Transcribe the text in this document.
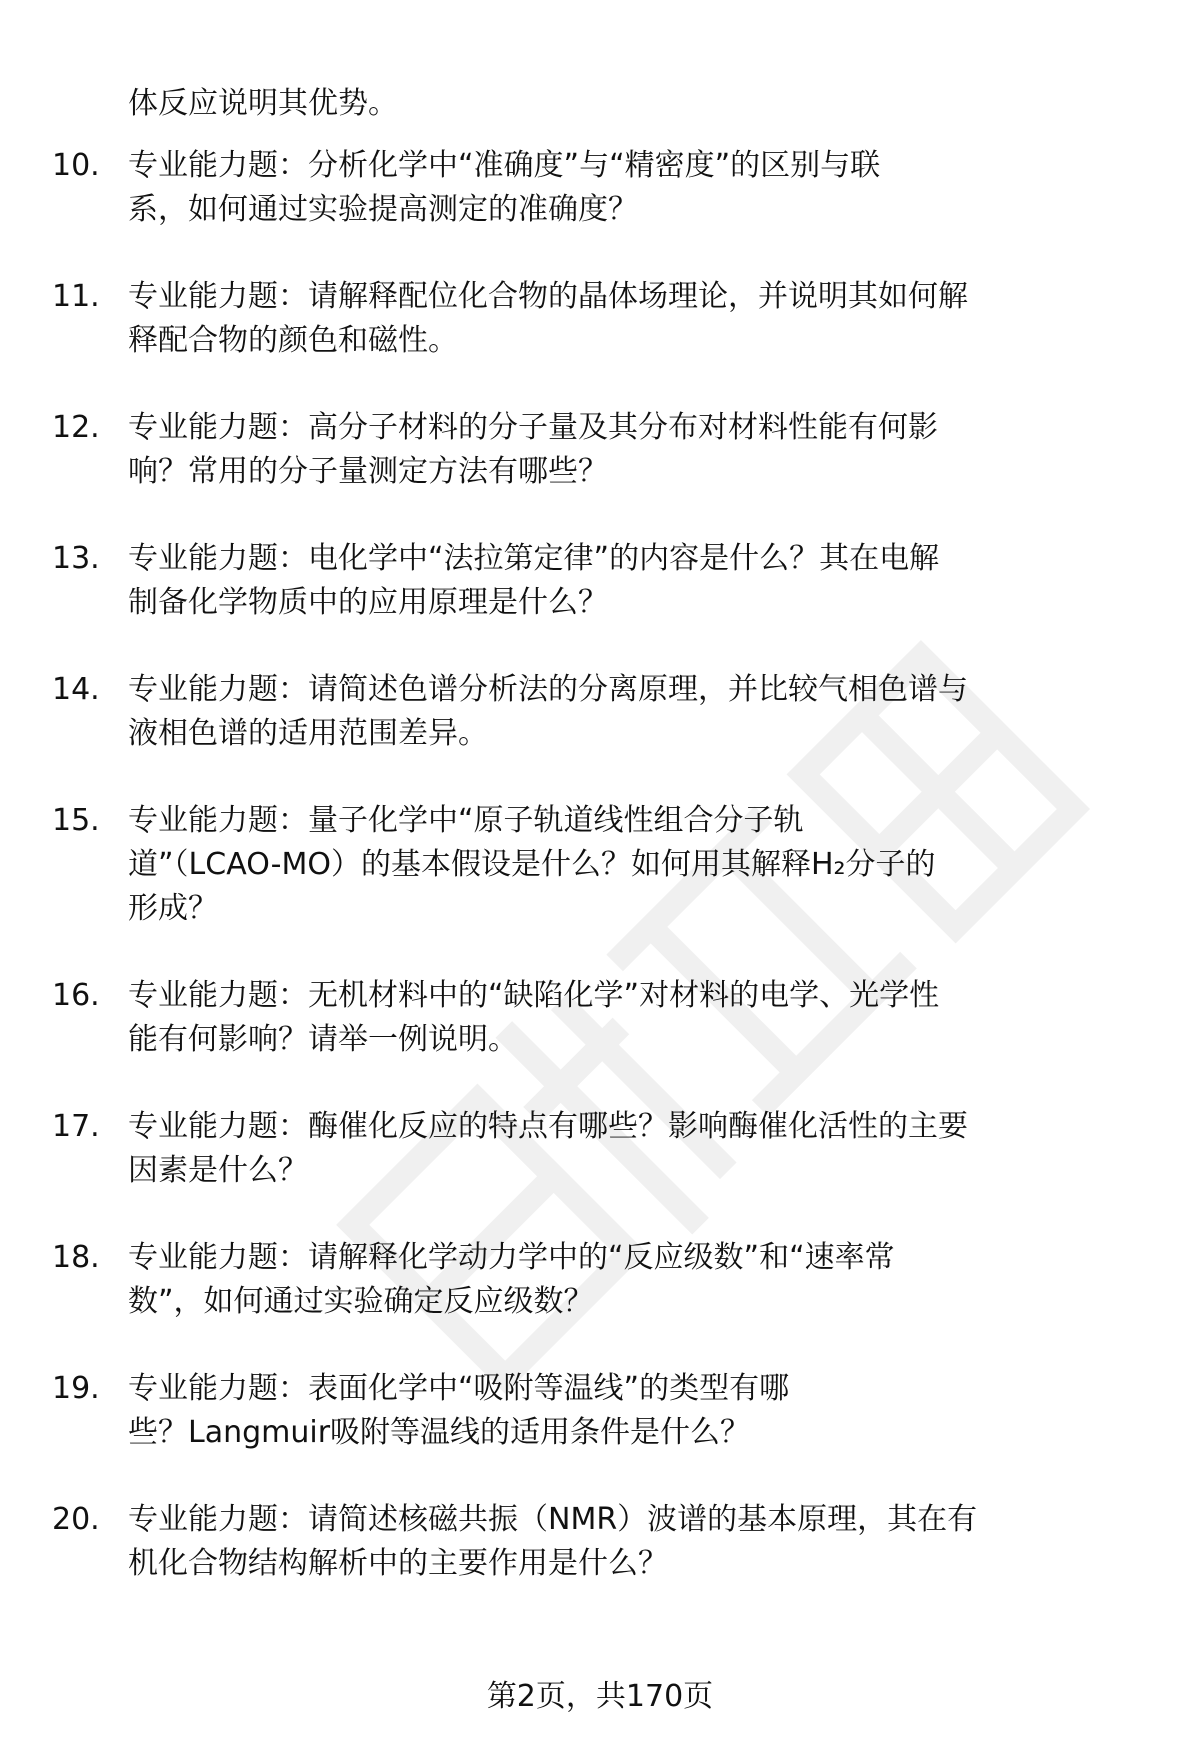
体反应说明其优势。

10. 专业能力题：分析化学中“准确度”与“精密度”的区别与联
系，如何通过实验提高测定的准确度？
11. 专业能力题：请解释配位化合物的晶体场理论，并说明其如何解
释配合物的颜色和磁性。
12. 专业能力题：高分子材料的分子量及其分布对材料性能有何影
响？常用的分子量测定方法有哪些？
13. 专业能力题：电化学中“法拉第定律”的内容是什么？其在电解
制备化学物质中的应用原理是什么？
14. 专业能力题：请简述色谱分析法的分离原理，并比较气相色谱与
液相色谱的适用范围差异。
15. 专业能力题：量子化学中“原子轨道线性组合分子轨
道”（LCAO-MO）的基本假设是什么？如何用其解释H₂分子的
形成？
16. 专业能力题：无机材料中的“缺陷化学”对材料的电学、光学性
能有何影响？请举一例说明。
17. 专业能力题：酶催化反应的特点有哪些？影响酶催化活性的主要
因素是什么？
18. 专业能力题：请解释化学动力学中的“反应级数”和“速率常
数”，如何通过实验确定反应级数？
19. 专业能力题：表面化学中“吸附等温线”的类型有哪
些？Langmuir吸附等温线的适用条件是什么？
20. 专业能力题：请简述核磁共振（NMR）波谱的基本原理，其在有
机化合物结构解析中的主要作用是什么？
第2页，共170页
